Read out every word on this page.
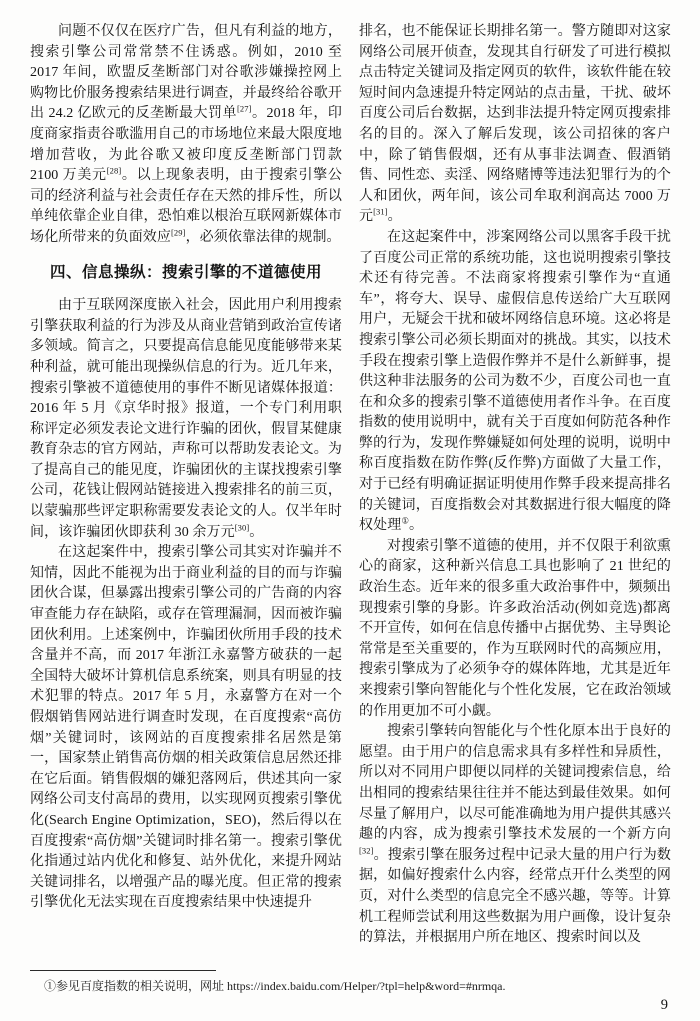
问题不仅仅在医疗广告，但凡有利益的地方，搜索引擎公司常常禁不住诱惑。例如，2010 至 2017 年间，欧盟反垄断部门对谷歌涉嫌操控网上购物比价服务搜索结果进行调查，并最终给谷歌开出 24.2 亿欧元的反垄断最大罚单[27]。2018 年，印度商家指责谷歌滥用自己的市场地位来最大限度地增加营收，为此谷歌又被印度反垄断部门罚款 2100 万美元[28]。以上现象表明，由于搜索引擎公司的经济利益与社会责任存在天然的排斥性，所以单纯依靠企业自律，恐怕难以根治互联网新媒体市场化所带来的负面效应[29]，必须依靠法律的规制。

四、信息操纵：搜索引擎的不道德使用

由于互联网深度嵌入社会，因此用户利用搜索引擎获取利益的行为涉及从商业营销到政治宣传诸多领域。简言之，只要提高信息能见度能够带来某种利益，就可能出现操纵信息的行为。近几年来，搜索引擎被不道德使用的事件不断见诸媒体报道：2016 年 5 月《京华时报》报道，一个专门利用职称评定必须发表论文进行诈骗的团伙，假冒某健康教育杂志的官方网站，声称可以帮助发表论文。为了提高自己的能见度，诈骗团伙的主谋找搜索引擎公司，花钱让假网站链接进入搜索排名的前三页，以蒙骗那些评定职称需要发表论文的人。仅半年时间，该诈骗团伙即获利 30 余万元[30]。

在这起案件中，搜索引擎公司其实对诈骗并不知情，因此不能视为出于商业利益的目的而与诈骗团伙合谋，但暴露出搜索引擎公司的广告商的内容审查能力存在缺陷，或存在管理漏洞，因而被诈骗团伙利用。上述案例中，诈骗团伙所用手段的技术含量并不高，而 2017 年浙江永嘉警方破获的一起全国特大破坏计算机信息系统案，则具有明显的技术犯罪的特点。2017 年 5 月，永嘉警方在对一个假烟销售网站进行调查时发现，在百度搜索“高仿烟”关键词时，该网站的百度搜索排名居然是第一，国家禁止销售高仿烟的相关政策信息居然还排在它后面。销售假烟的嫌犯落网后，供述其向一家网络公司支付高昂的费用，以实现网页搜索引擎优化(Search Engine Optimization，SEO)，然后得以在百度搜索“高仿烟”关键词时排名第一。搜索引擎优化指通过站内优化和修复、站外优化，来提升网站关键词排名，以增强产品的曝光度。但正常的搜索引擎优化无法实现在百度搜索结果中快速提升

排名，也不能保证长期排名第一。警方随即对这家网络公司展开侦查，发现其自行研发了可进行模拟点击特定关键词及指定网页的软件，该软件能在较短时间内急速提升特定网站的点击量，干扰、破坏百度公司后台数据，达到非法提升特定网页搜索排名的目的。深入了解后发现，该公司招徕的客户中，除了销售假烟，还有从事非法调查、假酒销售、同性恋、卖淫、网络赌博等违法犯罪行为的个人和团伙，两年间，该公司牟取利润高达 7000 万元[31]。

在这起案件中，涉案网络公司以黑客手段干扰了百度公司正常的系统功能，这也说明搜索引擎技术还有待完善。不法商家将搜索引擎作为“直通车”，将夸大、误导、虚假信息传送给广大互联网用户，无疑会干扰和破坏网络信息环境。这必将是搜索引擎公司必须长期面对的挑战。其实，以技术手段在搜索引擎上造假作弊并不是什么新鲜事，提供这种非法服务的公司为数不少，百度公司也一直在和众多的搜索引擎不道德使用者作斗争。在百度指数的使用说明中，就有关于百度如何防范各种作弊的行为，发现作弊嫌疑如何处理的说明，说明中称百度指数在防作弊(反作弊)方面做了大量工作，对于已经有明确证据证明使用作弊手段来提高排名的关键词，百度指数会对其数据进行很大幅度的降权处理①。

对搜索引擎不道德的使用，并不仅限于利欲熏心的商家，这种新兴信息工具也影响了 21 世纪的政治生态。近年来的很多重大政治事件中，频频出现搜索引擎的身影。许多政治活动(例如竞选)都离不开宣传，如何在信息传播中占据优势、主导舆论常常是至关重要的，作为互联网时代的高频应用，搜索引擎成为了必须争夺的媒体阵地，尤其是近年来搜索引擎向智能化与个性化发展，它在政治领域的作用更加不可小觑。

搜索引擎转向智能化与个性化原本出于良好的愿望。由于用户的信息需求具有多样性和异质性，所以对不同用户即便以同样的关键词搜索信息，给出相同的搜索结果往往并不能达到最佳效果。如何尽量了解用户，以尽可能准确地为用户提供其感兴趣的内容，成为搜索引擎技术发展的一个新方向[32]。搜索引擎在服务过程中记录大量的用户行为数据，如偏好搜索什么内容，经常点开什么类型的网页，对什么类型的信息完全不感兴趣，等等。计算机工程师尝试利用这些数据为用户画像，设计复杂的算法，并根据用户所在地区、搜索时间以及

①参见百度指数的相关说明，网址 https://index.baidu.com/Helper/?tpl=help&word=#nrmqa.
9
